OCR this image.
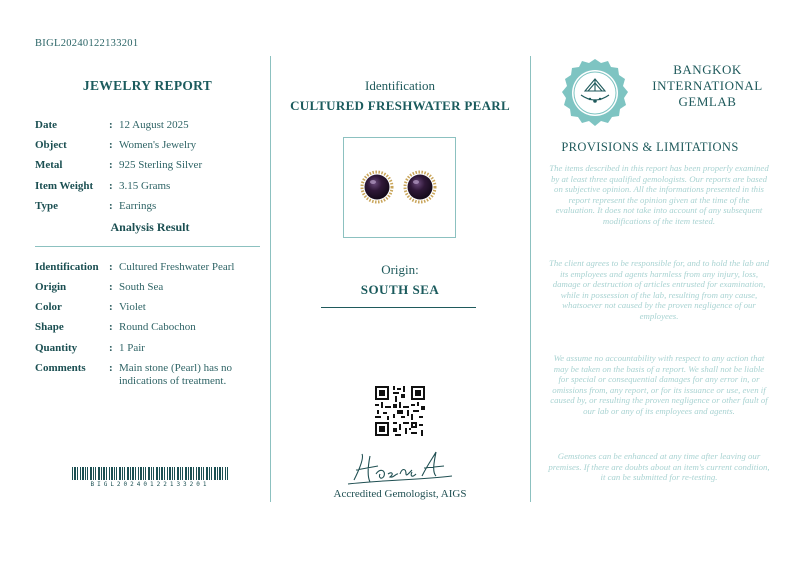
BIGL20240122133201
JEWELRY REPORT
Date	: 12 August 2025
Object	: Women's Jewelry
Metal	: 925 Sterling Silver
Item Weight	: 3.15 Grams
Type	: Earrings
Analysis Result
Identification : Cultured Freshwater Pearl
Origin	: South Sea
Color	: Violet
Shape	: Round Cabochon
Quantity	: 1 Pair
Comments	: Main stone (Pearl) has no indications of treatment.
BIGL20240122133201
Identification
CULTURED FRESHWATER PEARL
Origin:
SOUTH SEA
Hashim A
Accredited Gemologist, AIGS
BANGKOK
INTERNATIONAL
GEMLAB
PROVISIONS & LIMITATIONS
The items described in this report has been properly examined by at least three qualified gemologists. Our reports are based on subjective opinion. All the informations presented in this report represent the opinion given at the time of the evaluation. It does not take into account of any subsequent modifications of the item tested.
The client agrees to be responsible for, and to hold the lab and its employees and agents harmless from any injury, loss, damage or destruction of articles entrusted for examination, while in possession of the lab, resulting from any cause, whatsoever not caused by the proven negligence of our employees.
We assume no accountability with respect to any action that may be taken on the basis of a report. We shall not be liable for special or consequential damages for any error in, or omissions from, any report, or for its issuance or use, even if caused by, or resulting the proven negligence or other fault of our lab or any of its employees and agents.
Gemstones can be enhanced at any time after leaving our premises. If there are doubts about an item's current condition, it can be submitted for re-testing.
